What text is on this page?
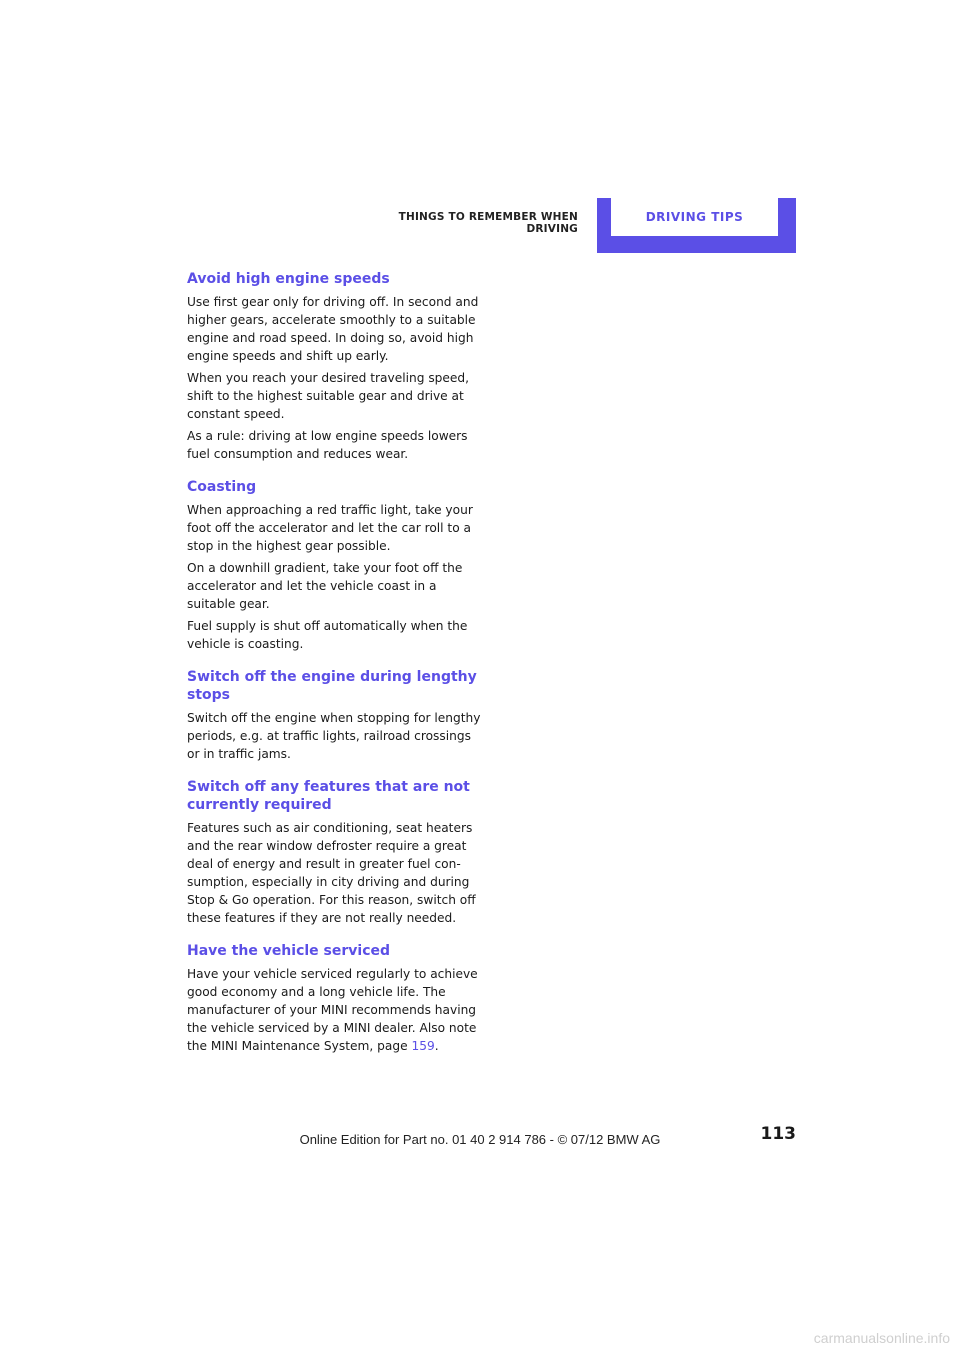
THINGS TO REMEMBER WHEN DRIVING
DRIVING TIPS
Avoid high engine speeds

Use first gear only for driving off. In second and higher gears, accelerate smoothly to a suitable engine and road speed. In doing so, avoid high engine speeds and shift up early.

When you reach your desired traveling speed, shift to the highest suitable gear and drive at constant speed.

As a rule: driving at low engine speeds lowers fuel consumption and reduces wear.

Coasting

When approaching a red traffic light, take your foot off the accelerator and let the car roll to a stop in the highest gear possible.

On a downhill gradient, take your foot off the accelerator and let the vehicle coast in a suitable gear.

Fuel supply is shut off automatically when the vehicle is coasting.

Switch off the engine during lengthy stops

Switch off the engine when stopping for lengthy periods, e.g. at traffic lights, railroad crossings or in traffic jams.

Switch off any features that are not currently required

Features such as air conditioning, seat heaters and the rear window defroster require a great deal of energy and result in greater fuel con-sumption, especially in city driving and during Stop & Go operation. For this reason, switch off these features if they are not really needed.

Have the vehicle serviced

Have your vehicle serviced regularly to achieve good economy and a long vehicle life. The manufacturer of your MINI recommends having the vehicle serviced by a MINI dealer. Also note the MINI Maintenance System, page 159.

113
Online Edition for Part no. 01 40 2 914 786 - © 07/12 BMW AG
carmanualsonline.info
